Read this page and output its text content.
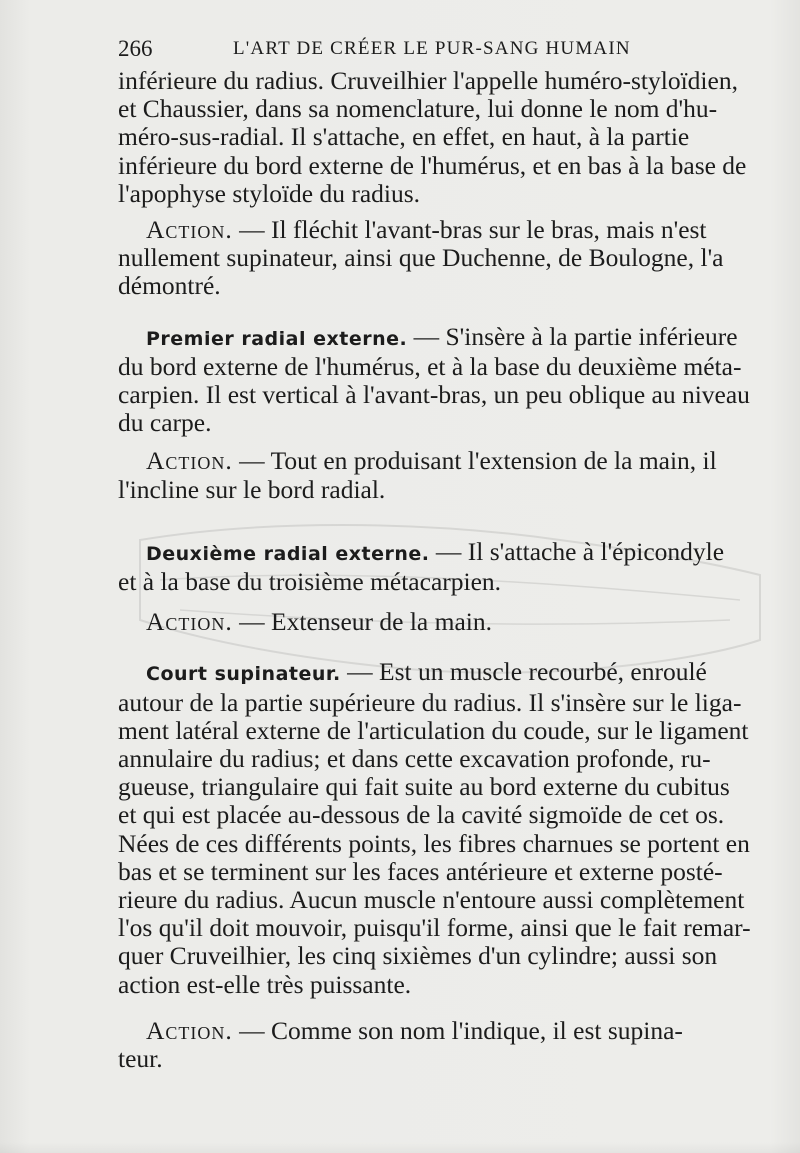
266	L'ART DE CRÉER LE PUR-SANG HUMAIN

inférieure du radius. Cruveilhier l'appelle huméro-styloïdien,
et Chaussier, dans sa nomenclature, lui donne le nom d'hu-
méro-sus-radial. Il s'attache, en effet, en haut, à la partie
inférieure du bord externe de l'humérus, et en bas à la base de
l'apophyse styloïde du radius.

Action. — Il fléchit l'avant-bras sur le bras, mais n'est
nullement supinateur, ainsi que Duchenne, de Boulogne, l'a
démontré.

Premier radial externe. — S'insère à la partie inférieure
du bord externe de l'humérus, et à la base du deuxième méta-
carpien. Il est vertical à l'avant-bras, un peu oblique au niveau
du carpe.

Action. — Tout en produisant l'extension de la main, il
l'incline sur le bord radial.

Deuxième radial externe. — Il s'attache à l'épicondyle
et à la base du troisième métacarpien.

Action. — Extenseur de la main.

Court supinateur. — Est un muscle recourbé, enroulé
autour de la partie supérieure du radius. Il s'insère sur le liga-
ment latéral externe de l'articulation du coude, sur le ligament
annulaire du radius; et dans cette excavation profonde, ru-
gueuse, triangulaire qui fait suite au bord externe du cubitus
et qui est placée au-dessous de la cavité sigmoïde de cet os.
Nées de ces différents points, les fibres charnues se portent en
bas et se terminent sur les faces antérieure et externe posté-
rieure du radius. Aucun muscle n'entoure aussi complètement
l'os qu'il doit mouvoir, puisqu'il forme, ainsi que le fait remar-
quer Cruveilhier, les cinq sixièmes d'un cylindre; aussi son
action est-elle très puissante.

Action. — Comme son nom l'indique, il est supina-
teur.
